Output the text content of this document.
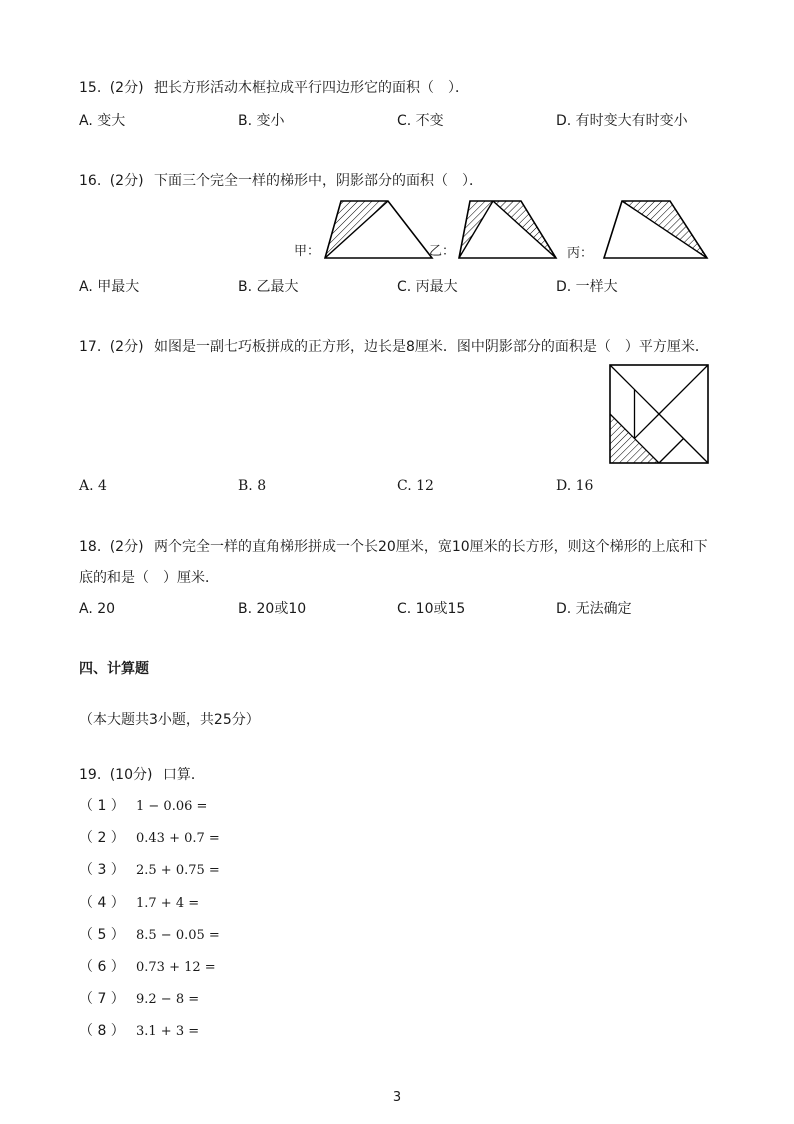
15. (2分) 把长方形活动木框拉成平行四边形它的面积（　）．
A. 变大	B. 变小	C. 不变	D. 有时变大有时变小
16. (2分) 下面三个完全一样的梯形中，阴影部分的面积（　）．
甲：	乙：	丙：
A. 甲最大	B. 乙最大	C. 丙最大	D. 一样大
17. (2分) 如图是一副七巧板拼成的正方形，边长是8厘米．图中阴影部分的面积是（　）平方厘米．
A. 4	B. 8	C. 12	D. 16
18. (2分) 两个完全一样的直角梯形拼成一个长20厘米，宽10厘米的长方形，则这个梯形的上底和下
底的和是（　）厘米．
A. 20	B. 20或10	C. 10或15	D. 无法确定
四、计算题
（本大题共3小题，共25分）
19. (10分) 口算．
（ 1 ） 1 − 0.06 =
（ 2 ） 0.43 + 0.7 =
（ 3 ） 2.5 + 0.75 =
（ 4 ） 1.7 + 4 =
（ 5 ） 8.5 − 0.05 =
（ 6 ） 0.73 + 12 =
（ 7 ） 9.2 − 8 =
（ 8 ） 3.1 + 3 =
3
